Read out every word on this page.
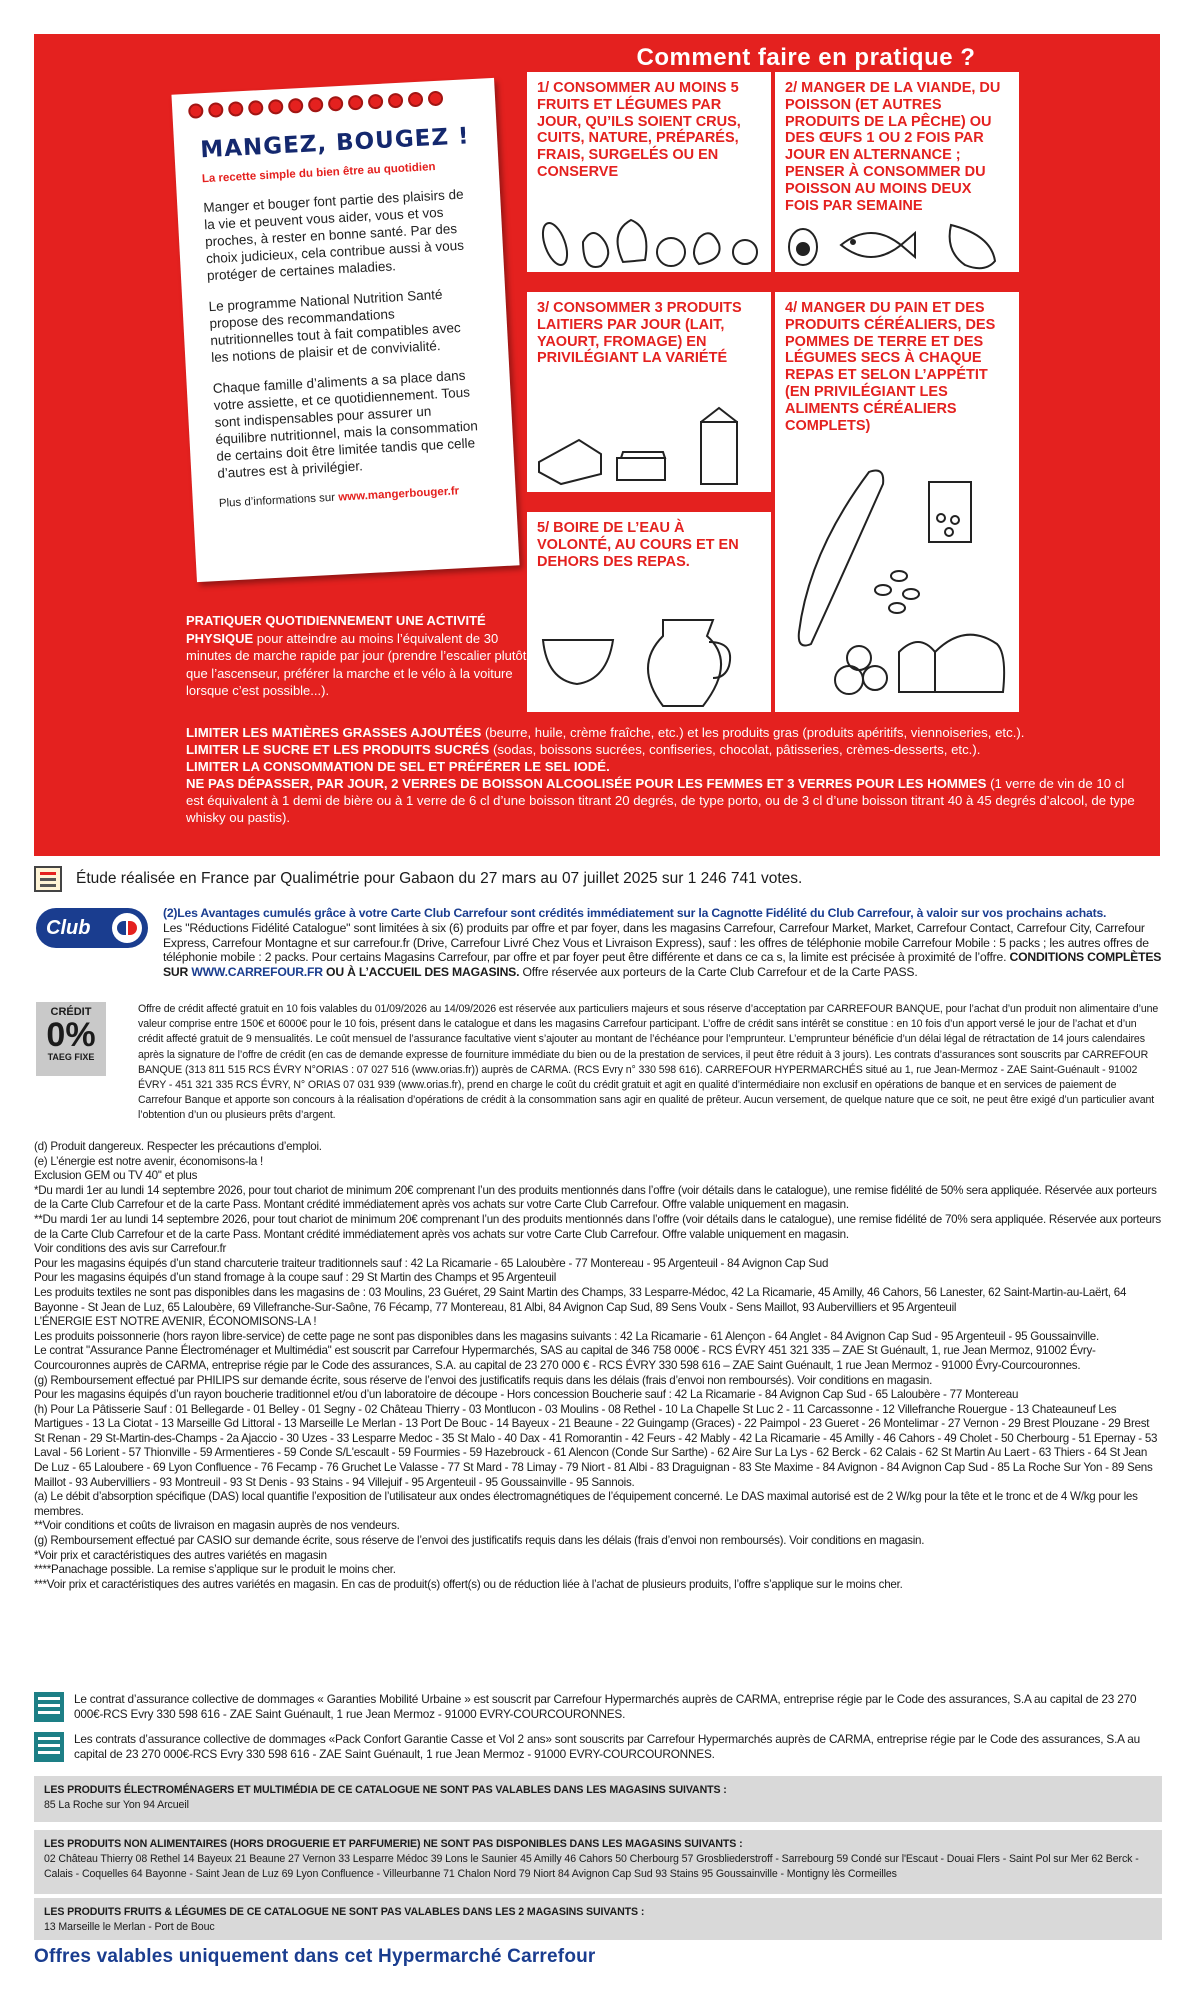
Comment faire en pratique ?
MANGEZ, BOUGEZ !
La recette simple du bien être au quotidien
Manger et bouger font partie des plaisirs de la vie et peuvent vous aider, vous et vos proches, à rester en bonne santé. Par des choix judicieux, cela contribue aussi à vous protéger de certaines maladies.
Le programme National Nutrition Santé propose des recommandations nutritionnelles tout à fait compatibles avec les notions de plaisir et de convivialité.
Chaque famille d’aliments a sa place dans votre assiette, et ce quotidiennement. Tous sont indispensables pour assurer un équilibre nutritionnel, mais la consommation de certains doit être limitée tandis que celle d’autres est à privilégier.
Plus d’informations sur www.mangerbouger.fr
1/ CONSOMMER AU MOINS 5 FRUITS ET LÉGUMES PAR JOUR, QU’ILS SOIENT CRUS, CUITS, NATURE, PRÉPARÉS, FRAIS, SURGELÉS OU EN CONSERVE
2/ MANGER DE LA VIANDE, DU POISSON (ET AUTRES PRODUITS DE LA PÊCHE) OU DES ŒUFS 1 OU 2 FOIS PAR JOUR EN ALTERNANCE ; PENSER À CONSOMMER DU POISSON AU MOINS DEUX FOIS PAR SEMAINE
3/ CONSOMMER 3 PRODUITS LAITIERS PAR JOUR (LAIT, YAOURT, FROMAGE) EN PRIVILÉGIANT LA VARIÉTÉ
4/ MANGER DU PAIN ET DES PRODUITS CÉRÉALIERS, DES POMMES DE TERRE ET DES LÉGUMES SECS À CHAQUE REPAS ET SELON L’APPÉTIT (EN PRIVILÉGIANT LES ALIMENTS CÉRÉALIERS COMPLETS)
5/ BOIRE DE L’EAU À VOLONTÉ, AU COURS ET EN DEHORS DES REPAS.
PRATIQUER QUOTIDIENNEMENT UNE ACTIVITÉ PHYSIQUE pour atteindre au moins l’équivalent de 30 minutes de marche rapide par jour (prendre l’escalier plutôt que l’ascenseur, préférer la marche et le vélo à la voiture lorsque c’est possible...).
LIMITER LES MATIÈRES GRASSES AJOUTÉES (beurre, huile, crème fraîche, etc.) et les produits gras (produits apéritifs, viennoiseries, etc.).
LIMITER LE SUCRE ET LES PRODUITS SUCRÉS (sodas, boissons sucrées, confiseries, chocolat, pâtisseries, crèmes-desserts, etc.).
LIMITER LA CONSOMMATION DE SEL ET PRÉFÉRER LE SEL IODÉ.
NE PAS DÉPASSER, PAR JOUR, 2 VERRES DE BOISSON ALCOOLISÉE POUR LES FEMMES ET 3 VERRES POUR LES HOMMES (1 verre de vin de 10 cl est équivalent à 1 demi de bière ou à 1 verre de 6 cl d’une boisson titrant 20 degrés, de type porto, ou de 3 cl d’une boisson titrant 40 à 45 degrés d’alcool, de type whisky ou pastis).
Étude réalisée en France par Qualimétrie pour Gabaon du 27 mars au 07 juillet 2025 sur 1 246 741 votes.
Club
(2)Les Avantages cumulés grâce à votre Carte Club Carrefour sont crédités immédiatement sur la Cagnotte Fidélité du Club Carrefour, à valoir sur vos prochains achats.
Les "Réductions Fidélité Catalogue" sont limitées à six (6) produits par offre et par foyer, dans les magasins Carrefour, Carrefour Market, Market, Carrefour Contact, Carrefour City, Carrefour Express, Carrefour Montagne et sur carrefour.fr (Drive, Carrefour Livré Chez Vous et Livraison Express), sauf : les offres de téléphonie mobile Carrefour Mobile : 5 packs ; les autres offres de téléphonie mobile : 2 packs. Pour certains Magasins Carrefour, par offre et par foyer peut être différente et dans ce ca s, la limite est précisée à proximité de l’offre. CONDITIONS COMPLÈTES SUR WWW.CARREFOUR.FR OU À L’ACCUEIL DES MAGASINS. Offre réservée aux porteurs de la Carte Club Carrefour et de la Carte PASS.
CRÉDIT
0%
TAEG FIXE
Offre de crédit affecté gratuit en 10 fois valables du 01/09/2026 au 14/09/2026 est réservée aux particuliers majeurs et sous réserve d’acceptation par CARREFOUR BANQUE, pour l’achat d’un produit non alimentaire d’une valeur comprise entre 150€ et 6000€ pour le 10 fois, présent dans le catalogue et dans les magasins Carrefour participant. L’offre de crédit sans intérêt se constitue : en 10 fois d’un apport versé le jour de l’achat et d’un crédit affecté gratuit de 9 mensualités. Le coût mensuel de l’assurance facultative vient s’ajouter au montant de l’échéance pour l’emprunteur. L’emprunteur bénéficie d’un délai légal de rétractation de 14 jours calendaires après la signature de l’offre de crédit (en cas de demande expresse de fourniture immédiate du bien ou de la prestation de services, il peut être réduit à 3 jours). Les contrats d’assurances sont souscrits par CARREFOUR BANQUE (313 811 515 RCS ÉVRY N°ORIAS : 07 027 516 (www.orias.fr)) auprès de CARMA. (RCS Evry n° 330 598 616). CARREFOUR HYPERMARCHÉS situé au 1, rue Jean-Mermoz - ZAE Saint-Guénault - 91002 ÉVRY - 451 321 335 RCS ÉVRY, N° ORIAS 07 031 939 (www.orias.fr), prend en charge le coût du crédit gratuit et agit en qualité d’intermédiaire non exclusif en opérations de banque et en services de paiement de Carrefour Banque et apporte son concours à la réalisation d’opérations de crédit à la consommation sans agir en qualité de prêteur. Aucun versement, de quelque nature que ce soit, ne peut être exigé d’un particulier avant l’obtention d’un ou plusieurs prêts d’argent.

(d) Produit dangereux. Respecter les précautions d’emploi.

(e) L’énergie est notre avenir, économisons-la !

Exclusion GEM ou TV 40'' et plus

*Du mardi 1er au lundi 14 septembre 2026, pour tout chariot de minimum 20€ comprenant l’un des produits mentionnés dans l’offre (voir détails dans le catalogue), une remise fidélité de 50% sera appliquée. Réservée aux porteurs de la Carte Club Carrefour et de la carte Pass. Montant crédité immédiatement après vos achats sur votre Carte Club Carrefour. Offre valable uniquement en magasin.

**Du mardi 1er au lundi 14 septembre 2026, pour tout chariot de minimum 20€ comprenant l’un des produits mentionnés dans l’offre (voir détails dans le catalogue), une remise fidélité de 70% sera appliquée. Réservée aux porteurs de la Carte Club Carrefour et de la carte Pass. Montant crédité immédiatement après vos achats sur votre Carte Club Carrefour. Offre valable uniquement en magasin.

Voir conditions des avis sur Carrefour.fr

Pour les magasins équipés d’un stand charcuterie traiteur traditionnels sauf : 42 La Ricamarie - 65 Laloubère - 77 Montereau - 95 Argenteuil - 84 Avignon Cap Sud

Pour les magasins équipés d’un stand fromage à la coupe sauf : 29 St Martin des Champs et 95 Argenteuil

Les produits textiles ne sont pas disponibles dans les magasins de : 03 Moulins, 23 Guéret, 29 Saint Martin des Champs, 33 Lesparre-Médoc, 42 La Ricamarie, 45 Amilly, 46 Cahors, 56 Lanester, 62 Saint-Martin-au-Laërt, 64 Bayonne - St Jean de Luz, 65 Laloubère, 69 Villefranche-Sur-Saône, 76 Fécamp, 77 Montereau, 81 Albi, 84 Avignon Cap Sud, 89 Sens Voulx - Sens Maillot, 93 Aubervilliers et 95 Argenteuil

L’ÉNERGIE EST NOTRE AVENIR, ÉCONOMISONS-LA !

Les produits poissonnerie (hors rayon libre-service) de cette page ne sont pas disponibles dans les magasins suivants : 42 La Ricamarie - 61 Alençon - 64 Anglet - 84 Avignon Cap Sud - 95 Argenteuil - 95 Goussainville.

Le contrat "Assurance Panne Électroménager et Multimédia" est souscrit par Carrefour Hypermarchés, SAS au capital de 346 758 000€ - RCS ÉVRY 451 321 335 – ZAE St Guénault, 1, rue Jean Mermoz, 91002 Évry-Courcouronnes auprès de CARMA, entreprise régie par le Code des assurances, S.A. au capital de 23 270 000 € - RCS ÉVRY 330 598 616 – ZAE Saint Guénault, 1 rue Jean Mermoz - 91000 Évry-Courcouronnes.

(g) Remboursement effectué par PHILIPS sur demande écrite, sous réserve de l’envoi des justificatifs requis dans les délais (frais d’envoi non remboursés). Voir conditions en magasin.

Pour les magasins équipés d’un rayon boucherie traditionnel et/ou d’un laboratoire de découpe - Hors concession Boucherie sauf : 42 La Ricamarie - 84 Avignon Cap Sud - 65 Laloubère - 77 Montereau

(h) Pour La Pâtisserie Sauf : 01 Bellegarde - 01 Belley - 01 Segny - 02 Château Thierry - 03 Montlucon - 03 Moulins - 08 Rethel - 10 La Chapelle St Luc 2 - 11 Carcassonne - 12 Villefranche Rouergue - 13 Chateauneuf Les Martigues - 13 La Ciotat - 13 Marseille Gd Littoral - 13 Marseille Le Merlan - 13 Port De Bouc - 14 Bayeux - 21 Beaune - 22 Guingamp (Graces) - 22 Paimpol - 23 Gueret - 26 Montelimar - 27 Vernon - 29 Brest Plouzane - 29 Brest St Renan - 29 St-Martin-des-Champs - 2a Ajaccio - 30 Uzes - 33 Lesparre Medoc - 35 St Malo - 40 Dax - 41 Romorantin - 42 Feurs - 42 Mably - 42 La Ricamarie - 45 Amilly - 46 Cahors - 49 Cholet - 50 Cherbourg - 51 Epernay - 53 Laval - 56 Lorient - 57 Thionville - 59 Armentieres - 59 Conde S/L'escault - 59 Fourmies - 59 Hazebrouck - 61 Alencon (Conde Sur Sarthe) - 62 Aire Sur La Lys - 62 Berck - 62 Calais - 62 St Martin Au Laert - 63 Thiers - 64 St Jean De Luz - 65 Laloubere - 69 Lyon Confluence - 76 Fecamp - 76 Gruchet Le Valasse - 77 St Mard - 78 Limay - 79 Niort - 81 Albi - 83 Draguignan - 83 Ste Maxime - 84 Avignon - 84 Avignon Cap Sud - 85 La Roche Sur Yon - 89 Sens Maillot - 93 Aubervilliers - 93 Montreuil - 93 St Denis - 93 Stains - 94 Villejuif - 95 Argenteuil - 95 Goussainville - 95 Sannois.

(a) Le débit d’absorption spécifique (DAS) local quantifie l’exposition de l’utilisateur aux ondes électromagnétiques de l’équipement concerné. Le DAS maximal autorisé est de 2 W/kg pour la tête et le tronc et de 4 W/kg pour les membres.

**Voir conditions et coûts de livraison en magasin auprès de nos vendeurs.

(g) Remboursement effectué par CASIO sur demande écrite, sous réserve de l’envoi des justificatifs requis dans les délais (frais d’envoi non remboursés). Voir conditions en magasin.

*Voir prix et caractéristiques des autres variétés en magasin

****Panachage possible. La remise s’applique sur le produit le moins cher.

***Voir prix et caractéristiques des autres variétés en magasin. En cas de produit(s) offert(s) ou de réduction liée à l’achat de plusieurs produits, l’offre s’applique sur le moins cher.

Le contrat d’assurance collective de dommages « Garanties Mobilité Urbaine » est souscrit par Carrefour Hypermarchés auprès de CARMA, entreprise régie par le Code des assurances, S.A au capital de 23 270 000€-RCS Evry 330 598 616 - ZAE Saint Guénault, 1 rue Jean Mermoz - 91000 EVRY-COURCOURONNES.
Les contrats d’assurance collective de dommages «Pack Confort Garantie Casse et Vol 2 ans» sont souscrits par Carrefour Hypermarchés auprès de CARMA, entreprise régie par le Code des assurances, S.A au capital de 23 270 000€-RCS Evry 330 598 616 - ZAE Saint Guénault, 1 rue Jean Mermoz - 91000 EVRY-COURCOURONNES.
LES PRODUITS ÉLECTROMÉNAGERS ET MULTIMÉDIA DE CE CATALOGUE NE SONT PAS VALABLES DANS LES MAGASINS SUIVANTS :
85 La Roche sur Yon 94 Arcueil
LES PRODUITS NON ALIMENTAIRES (HORS DROGUERIE ET PARFUMERIE) NE SONT PAS DISPONIBLES DANS LES MAGASINS SUIVANTS :
02 Château Thierry 08 Rethel 14 Bayeux 21 Beaune 27 Vernon 33 Lesparre Médoc 39 Lons le Saunier 45 Amilly 46 Cahors 50 Cherbourg 57 Grosbliederstroff - Sarrebourg 59 Condé sur l'Escaut - Douai Flers - Saint Pol sur Mer 62 Berck - Calais - Coquelles 64 Bayonne - Saint Jean de Luz 69 Lyon Confluence - Villeurbanne 71 Chalon Nord 79 Niort 84 Avignon Cap Sud 93 Stains 95 Goussainville - Montigny lès Cormeilles
LES PRODUITS FRUITS & LÉGUMES DE CE CATALOGUE NE SONT PAS VALABLES DANS LES 2 MAGASINS SUIVANTS :
13 Marseille le Merlan - Port de Bouc
Offres valables uniquement dans cet Hypermarché Carrefour
